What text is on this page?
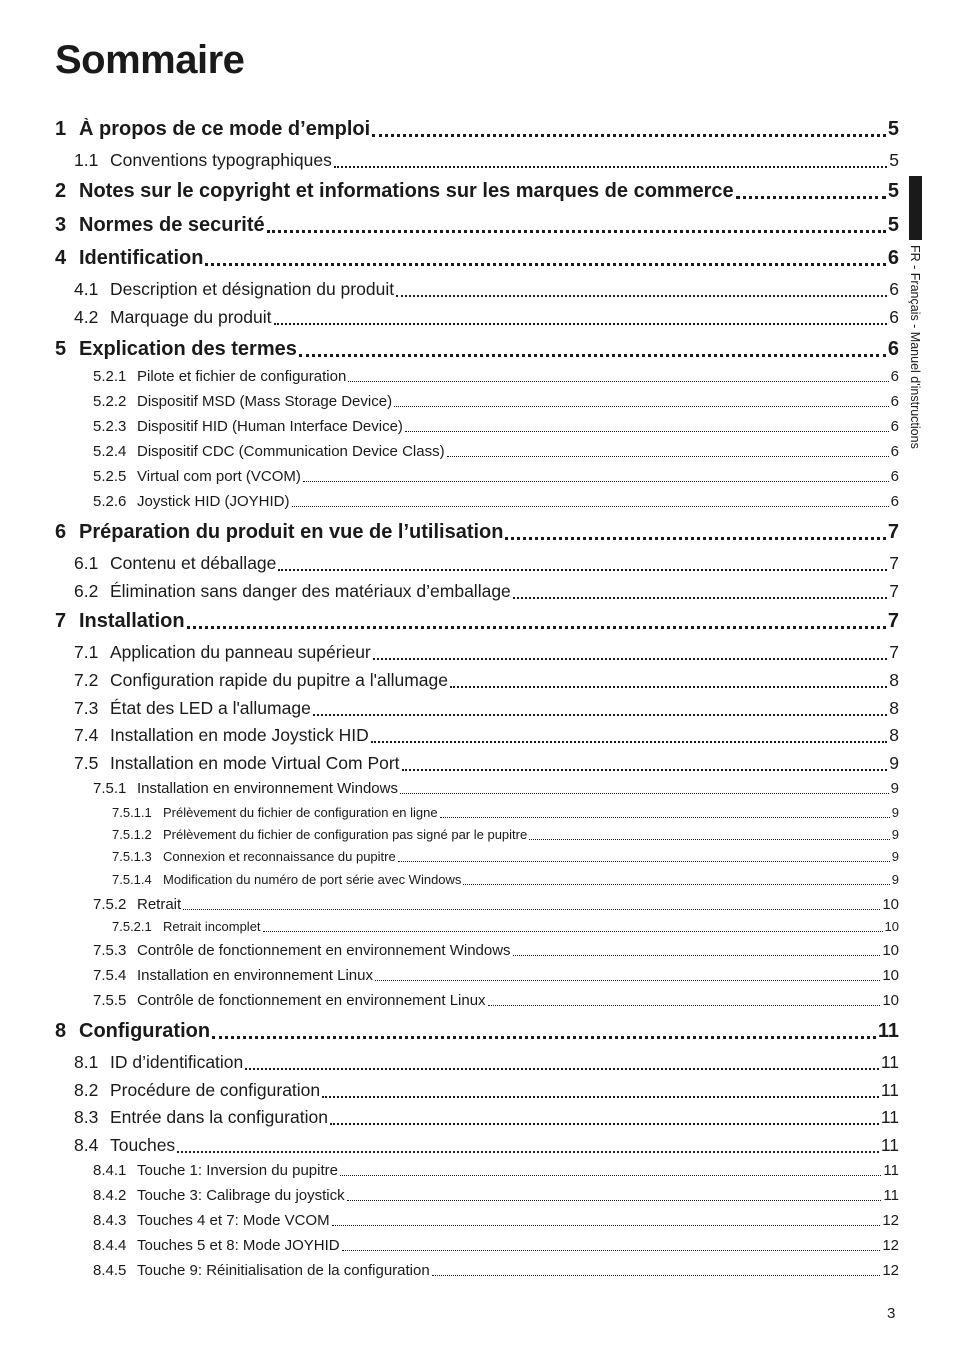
Sommaire
1 À propos de ce mode d’emploi	5
1.1 Conventions typographiques	5
2 Notes sur le copyright et informations sur les marques de commerce	5
3 Normes de securité	5
4 Identification	6
4.1 Description et désignation du produit	6
4.2 Marquage du produit	6
5 Explication des termes	6
5.2.1 Pilote et fichier de configuration	6
5.2.2 Dispositif MSD (Mass Storage Device)	6
5.2.3 Dispositif HID (Human Interface Device)	6
5.2.4 Dispositif CDC (Communication Device Class)	6
5.2.5 Virtual com port (VCOM)	6
5.2.6 Joystick HID (JOYHID)	6
6 Préparation du produit en vue de l’utilisation	7
6.1 Contenu et déballage	7
6.2 Élimination sans danger des matériaux d’emballage	7
7 Installation	7
7.1 Application du panneau supérieur	7
7.2 Configuration rapide du pupitre a l'allumage	8
7.3 État des LED a l'allumage	8
7.4 Installation en mode Joystick HID	8
7.5 Installation en mode Virtual Com Port	9
7.5.1 Installation en environnement Windows	9
7.5.1.1 Prélèvement du fichier de configuration en ligne	9
7.5.1.2 Prélèvement du fichier de configuration pas signé par le pupitre	9
7.5.1.3 Connexion et reconnaissance du pupitre	9
7.5.1.4 Modification du numéro de port série avec Windows	9
7.5.2 Retrait	10
7.5.2.1 Retrait incomplet	10
7.5.3 Contrôle de fonctionnement en environnement Windows	10
7.5.4 Installation en environnement Linux	10
7.5.5 Contrôle de fonctionnement en environnement Linux	10
8 Configuration	11
8.1 ID d’identification	11
8.2 Procédure de configuration	11
8.3 Entrée dans la configuration	11
8.4 Touches	11
8.4.1 Touche 1: Inversion du pupitre	11
8.4.2 Touche 3: Calibrage du joystick	11
8.4.3 Touches 4 et 7: Mode VCOM	12
8.4.4 Touches 5 et 8: Mode JOYHID	12
8.4.5 Touche 9: Réinitialisation de la configuration	12
FR - Français - Manuel d'instructions
3
